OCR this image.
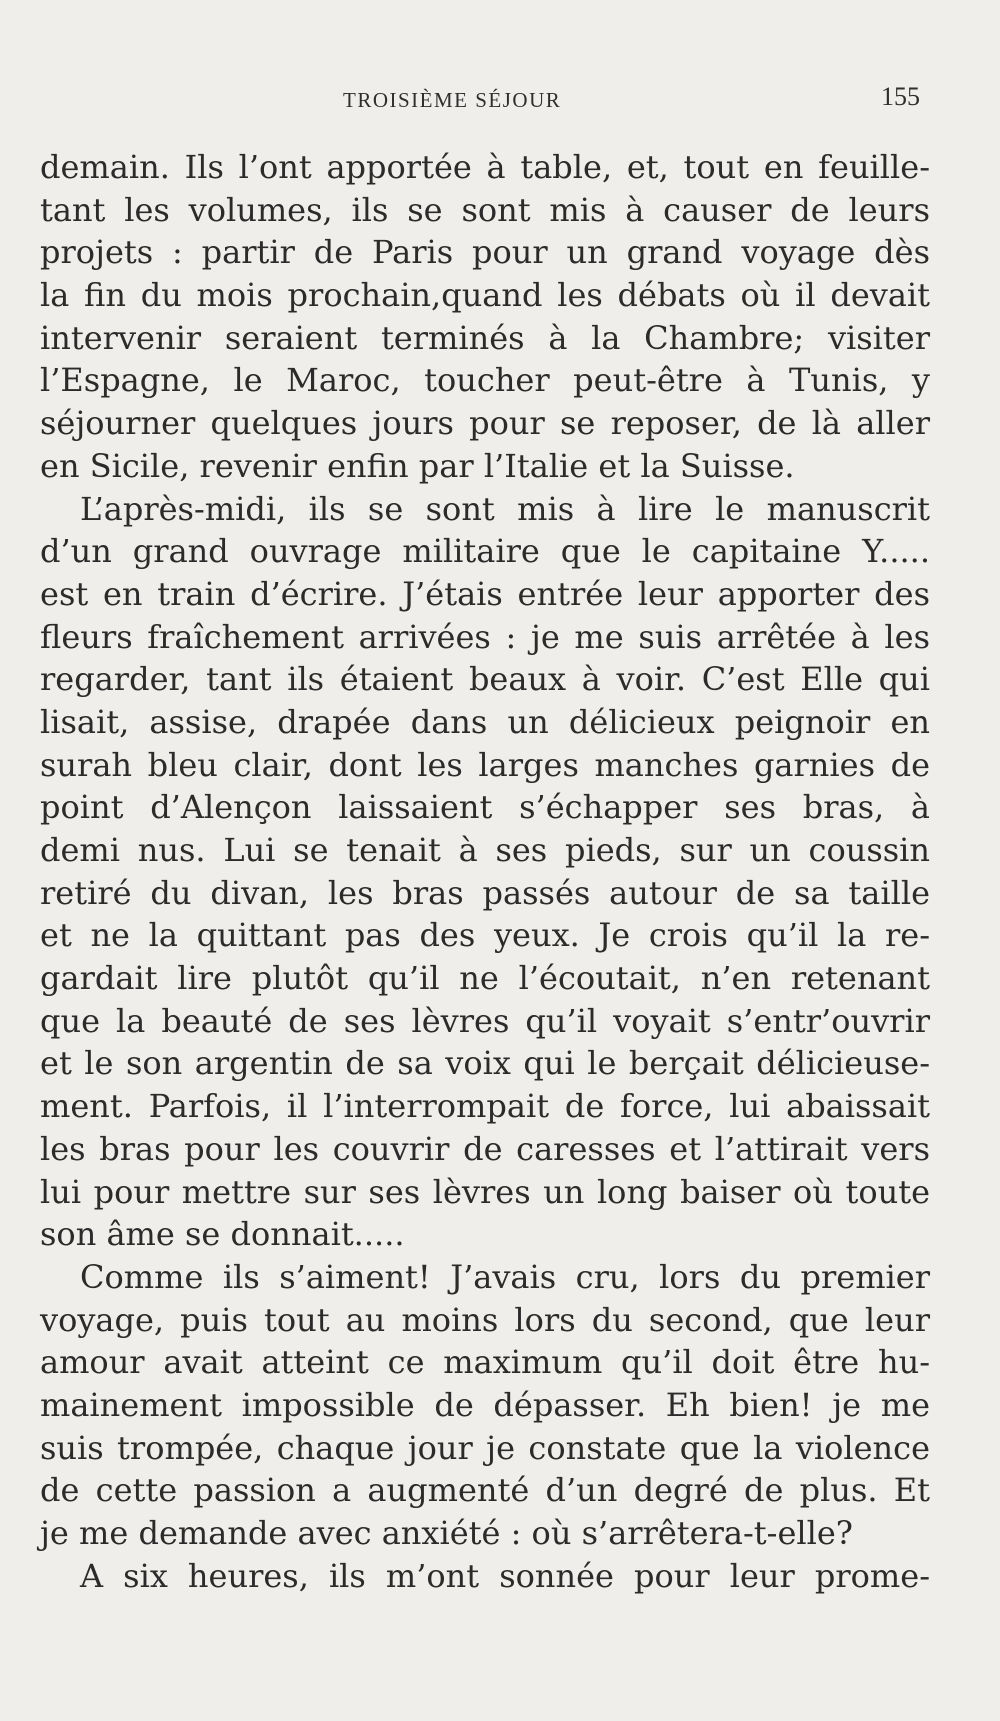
TROISIÈME SÉJOUR	155
demain. Ils l’ont apportée à table, et, tout en feuille-
tant les volumes, ils se sont mis à causer de leurs
projets : partir de Paris pour un grand voyage dès
la fin du mois prochain,quand les débats où il devait
intervenir seraient terminés à la Chambre; visiter
l’Espagne, le Maroc, toucher peut-être à Tunis, y
séjourner quelques jours pour se reposer, de là aller
en Sicile, revenir enfin par l’Italie et la Suisse.
L’après-midi, ils se sont mis à lire le manuscrit
d’un grand ouvrage militaire que le capitaine Y.....
est en train d’écrire. J’étais entrée leur apporter des
fleurs fraîchement arrivées : je me suis arrêtée à les
regarder, tant ils étaient beaux à voir. C’est Elle qui
lisait, assise, drapée dans un délicieux peignoir en
surah bleu clair, dont les larges manches garnies de
point d’Alençon laissaient s’échapper ses bras, à
demi nus. Lui se tenait à ses pieds, sur un coussin
retiré du divan, les bras passés autour de sa taille
et ne la quittant pas des yeux. Je crois qu’il la re-
gardait lire plutôt qu’il ne l’écoutait, n’en retenant
que la beauté de ses lèvres qu’il voyait s’entr’ouvrir
et le son argentin de sa voix qui le berçait délicieuse-
ment. Parfois, il l’interrompait de force, lui abaissait
les bras pour les couvrir de caresses et l’attirait vers
lui pour mettre sur ses lèvres un long baiser où toute
son âme se donnait.....
Comme ils s’aiment! J’avais cru, lors du premier
voyage, puis tout au moins lors du second, que leur
amour avait atteint ce maximum qu’il doit être hu-
mainement impossible de dépasser. Eh bien! je me
suis trompée, chaque jour je constate que la violence
de cette passion a augmenté d’un degré de plus. Et
je me demande avec anxiété : où s’arrêtera-t-elle?
A six heures, ils m’ont sonnée pour leur prome-
